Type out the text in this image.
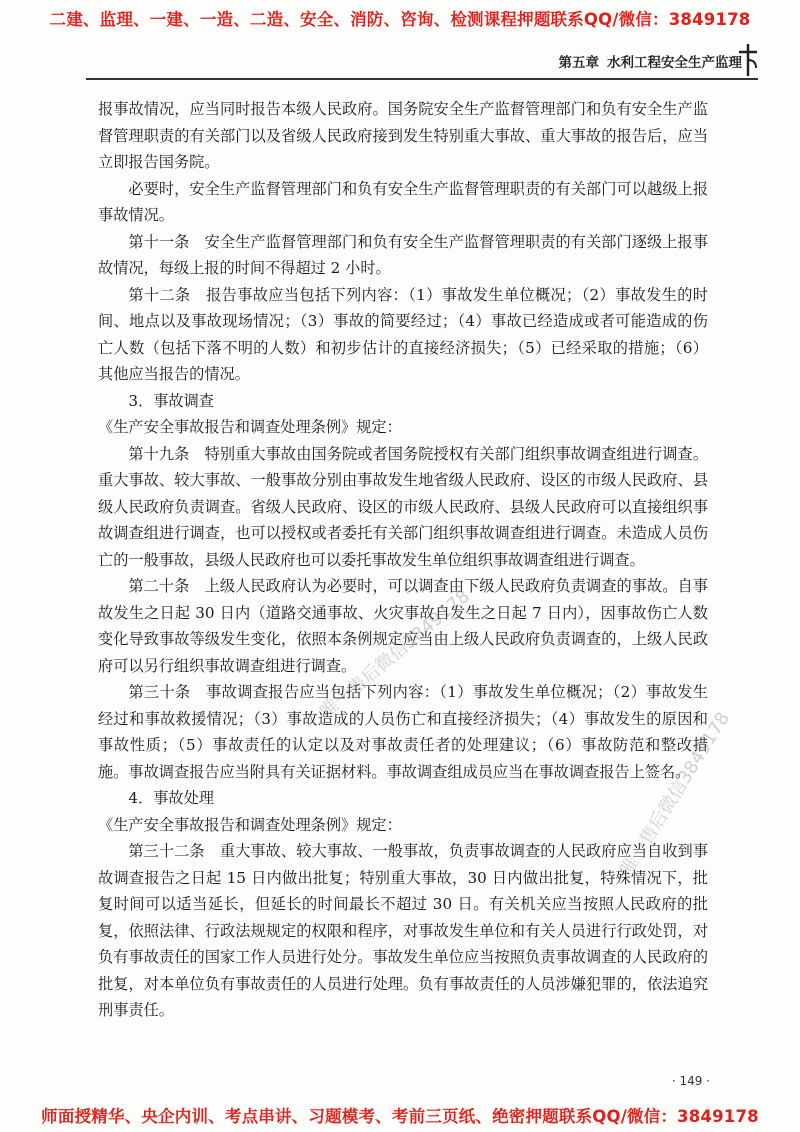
二建、监理、一建、一造、二造、安全、消防、咨询、检测课程押题联系QQ/微信：3849178
第五章 水利工程安全生产监理

报事故情况，应当同时报告本级人民政府。国务院安全生产监督管理部门和负有安全生产监督管理职责的有关部门以及省级人民政府接到发生特别重大事故、重大事故的报告后，应当立即报告国务院。

必要时，安全生产监督管理部门和负有安全生产监督管理职责的有关部门可以越级上报事故情况。

第十一条　安全生产监督管理部门和负有安全生产监督管理职责的有关部门逐级上报事故情况，每级上报的时间不得超过 2 小时。

第十二条　报告事故应当包括下列内容：（1）事故发生单位概况；（2）事故发生的时间、地点以及事故现场情况；（3）事故的简要经过；（4）事故已经造成或者可能造成的伤亡人数（包括下落不明的人数）和初步估计的直接经济损失；（5）已经采取的措施；（6）其他应当报告的情况。

3．事故调查

《生产安全事故报告和调查处理条例》规定：

第十九条　特别重大事故由国务院或者国务院授权有关部门组织事故调查组进行调查。重大事故、较大事故、一般事故分别由事故发生地省级人民政府、设区的市级人民政府、县级人民政府负责调查。省级人民政府、设区的市级人民政府、县级人民政府可以直接组织事故调查组进行调查，也可以授权或者委托有关部门组织事故调查组进行调查。未造成人员伤亡的一般事故，县级人民政府也可以委托事故发生单位组织事故调查组进行调查。

第二十条　上级人民政府认为必要时，可以调查由下级人民政府负责调查的事故。自事故发生之日起 30 日内（道路交通事故、火灾事故自发生之日起 7 日内），因事故伤亡人数变化导致事故等级发生变化，依照本条例规定应当由上级人民政府负责调查的，上级人民政府可以另行组织事故调查组进行调查。

第三十条　事故调查报告应当包括下列内容：（1）事故发生单位概况；（2）事故发生经过和事故救援情况；（3）事故造成的人员伤亡和直接经济损失；（4）事故发生的原因和事故性质；（5）事故责任的认定以及对事故责任者的处理建议；（6）事故防范和整改措施。事故调查报告应当附具有关证据材料。事故调查组成员应当在事故调查报告上签名。

4．事故处理

《生产安全事故报告和调查处理条例》规定：

第三十二条　重大事故、较大事故、一般事故，负责事故调查的人民政府应当自收到事故调查报告之日起 15 日内做出批复；特别重大事故，30 日内做出批复，特殊情况下，批复时间可以适当延长，但延长的时间最长不超过 30 日。有关机关应当按照人民政府的批复，依照法律、行政法规规定的权限和程序，对事故发生单位和有关人员进行行政处罚，对负有事故责任的国家工作人员进行处分。事故发生单位应当按照负责事故调查的人民政府的批复，对本单位负有事故责任的人员进行处理。负有事故责任的人员涉嫌犯罪的，依法追究刑事责任。

唯一售后微信3849178
唯一售后微信3849178
· 149 ·
师面授精华、央企内训、考点串讲、习题模考、考前三页纸、绝密押题联系QQ/微信：3849178
